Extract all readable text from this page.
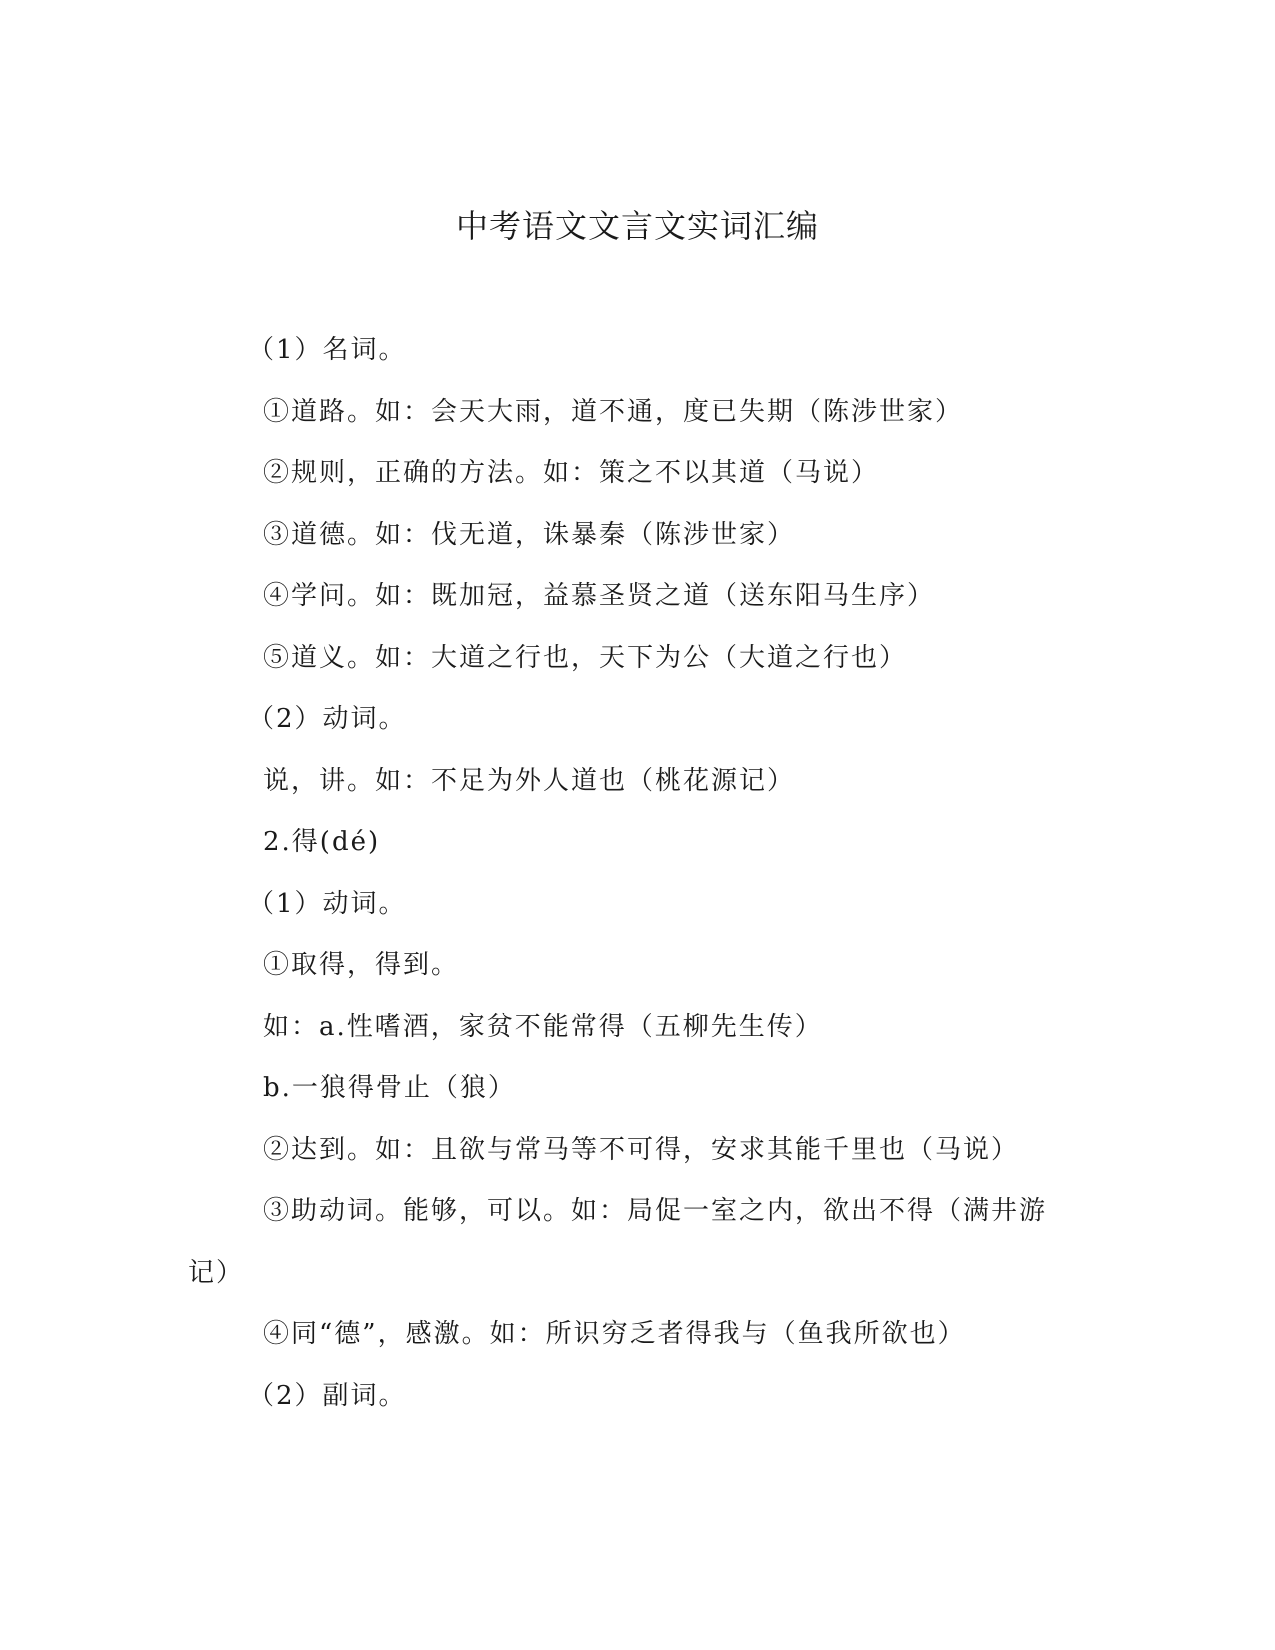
中考语文文言文实词汇编
（1）名词。
①道路。如：会天大雨，道不通，度已失期（陈涉世家）
②规则，正确的方法。如：策之不以其道（马说）
③道德。如：伐无道，诛暴秦（陈涉世家）
④学问。如：既加冠，益慕圣贤之道（送东阳马生序）
⑤道义。如：大道之行也，天下为公（大道之行也）
（2）动词。
说，讲。如：不足为外人道也（桃花源记）
2.得(dé)
（1）动词。
①取得，得到。
如：a.性嗜酒，家贫不能常得（五柳先生传）
b.一狼得骨止（狼）
②达到。如：且欲与常马等不可得，安求其能千里也（马说）
③助动词。能够，可以。如：局促一室之内，欲出不得（满井游
记）
④同“德”，感激。如：所识穷乏者得我与（鱼我所欲也）
（2）副词。
